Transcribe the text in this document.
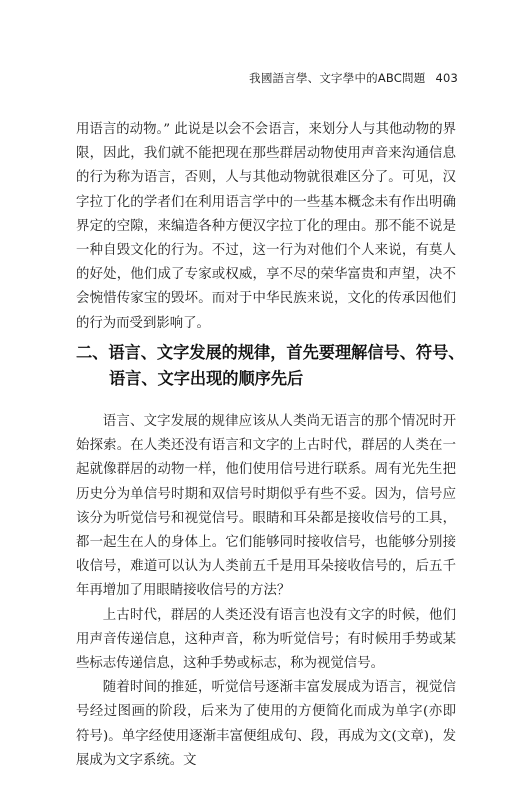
我國語言學、文字學中的ABC問題 403

用语言的动物。” 此说是以会不会语言，来划分人与其他动物的界限，因此，我们就不能把现在那些群居动物使用声音来沟通信息的行为称为语言，否则，人与其他动物就很难区分了。可见，汉字拉丁化的学者们在利用语言学中的一些基本概念未有作出明确界定的空隙，来编造各种方便汉字拉丁化的理由。那不能不说是一种自毁文化的行为。不过，这一行为对他们个人来说，有莫人的好处，他们成了专家或权威，享不尽的荣华富贵和声望，决不会惋惜传家宝的毁坏。而对于中华民族来说，文化的传承因他们的行为而受到影响了。

二、语言、文字发展的规律，首先要理解信号、符号、
语言、文字出现的顺序先后

语言、文字发展的规律应该从人类尚无语言的那个情况时开始探索。在人类还没有语言和文字的上古时代，群居的人类在一起就像群居的动物一样，他们使用信号进行联系。周有光先生把历史分为单信号时期和双信号时期似乎有些不妥。因为，信号应该分为听觉信号和视觉信号。眼睛和耳朵都是接收信号的工具，都一起生在人的身体上。它们能够同时接收信号，也能够分别接收信号，难道可以认为人类前五千是用耳朵接收信号的，后五千年再增加了用眼睛接收信号的方法？

上古时代，群居的人类还没有语言也没有文字的时候，他们用声音传递信息，这种声音，称为听觉信号；有时候用手势或某些标志传递信息，这种手势或标志，称为视觉信号。

随着时间的推延，听觉信号逐渐丰富发展成为语言，视觉信号经过图画的阶段，后来为了使用的方便简化而成为单字(亦即符号)。单字经使用逐渐丰富便组成句、段，再成为文(文章)，发展成为文字系统。文
